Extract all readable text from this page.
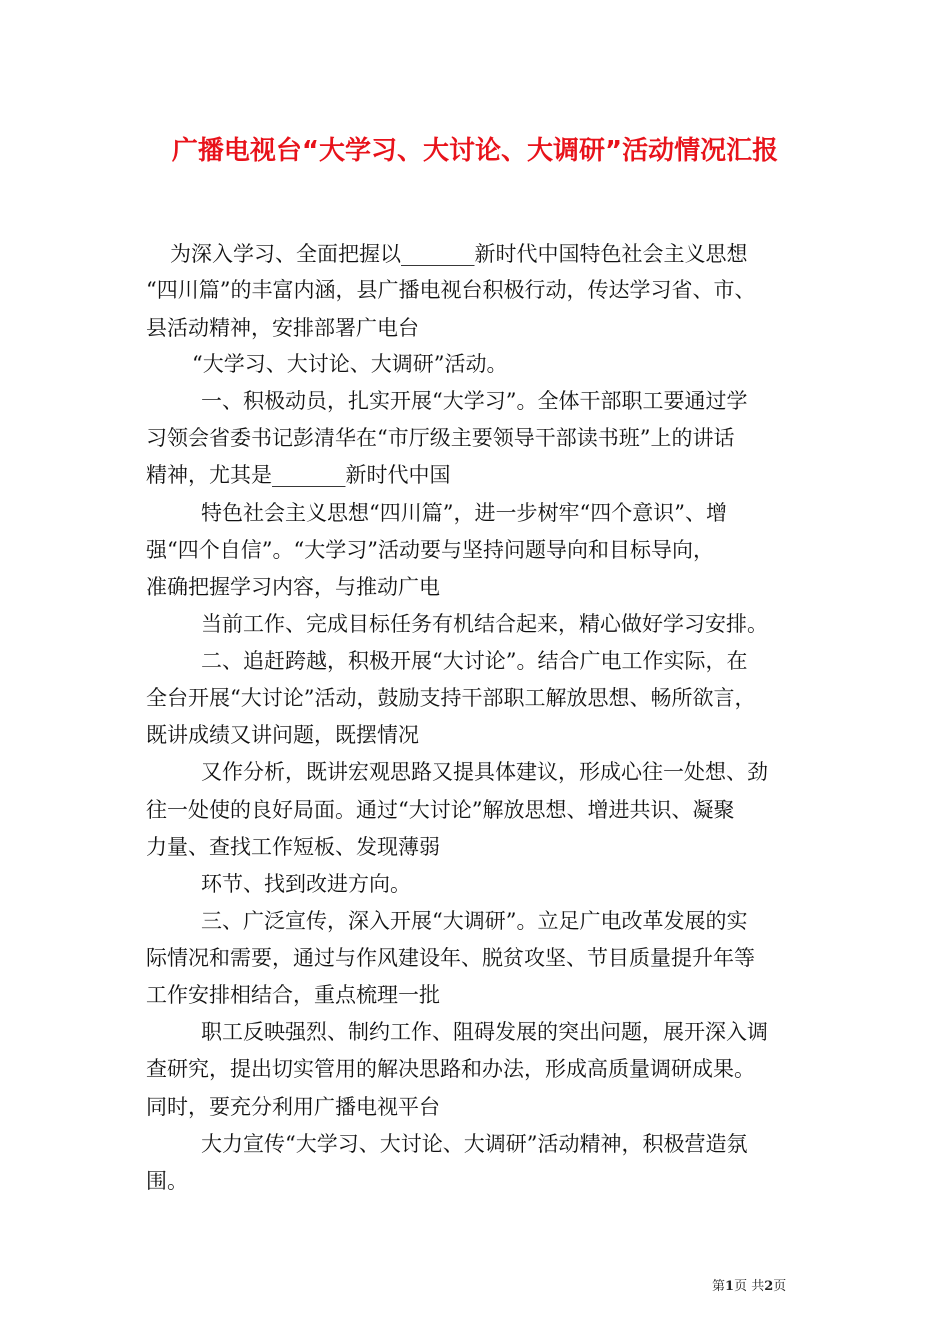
广播电视台“大学习、大讨论、大调研”活动情况汇报
为深入学习、全面把握以_______新时代中国特色社会主义思想
“四川篇”的丰富内涵，县广播电视台积极行动，传达学习省、市、
县活动精神，安排部署广电台
“大学习、大讨论、大调研”活动。
一、积极动员，扎实开展“大学习”。全体干部职工要通过学
习领会省委书记彭清华在“市厅级主要领导干部读书班”上的讲话
精神，尤其是_______新时代中国
特色社会主义思想“四川篇”，进一步树牢“四个意识”、增
强“四个自信”。“大学习”活动要与坚持问题导向和目标导向，
准确把握学习内容，与推动广电
当前工作、完成目标任务有机结合起来，精心做好学习安排。
二、追赶跨越，积极开展“大讨论”。结合广电工作实际，在
全台开展“大讨论”活动，鼓励支持干部职工解放思想、畅所欲言，
既讲成绩又讲问题，既摆情况
又作分析，既讲宏观思路又提具体建议，形成心往一处想、劲
往一处使的良好局面。通过“大讨论”解放思想、增进共识、凝聚
力量、查找工作短板、发现薄弱
环节、找到改进方向。
三、广泛宣传，深入开展“大调研”。立足广电改革发展的实
际情况和需要，通过与作风建设年、脱贫攻坚、节目质量提升年等
工作安排相结合，重点梳理一批
职工反映强烈、制约工作、阻碍发展的突出问题，展开深入调
查研究，提出切实管用的解决思路和办法，形成高质量调研成果。
同时，要充分利用广播电视平台
大力宣传“大学习、大讨论、大调研”活动精神，积极营造氛
围。
第1页 共2页
